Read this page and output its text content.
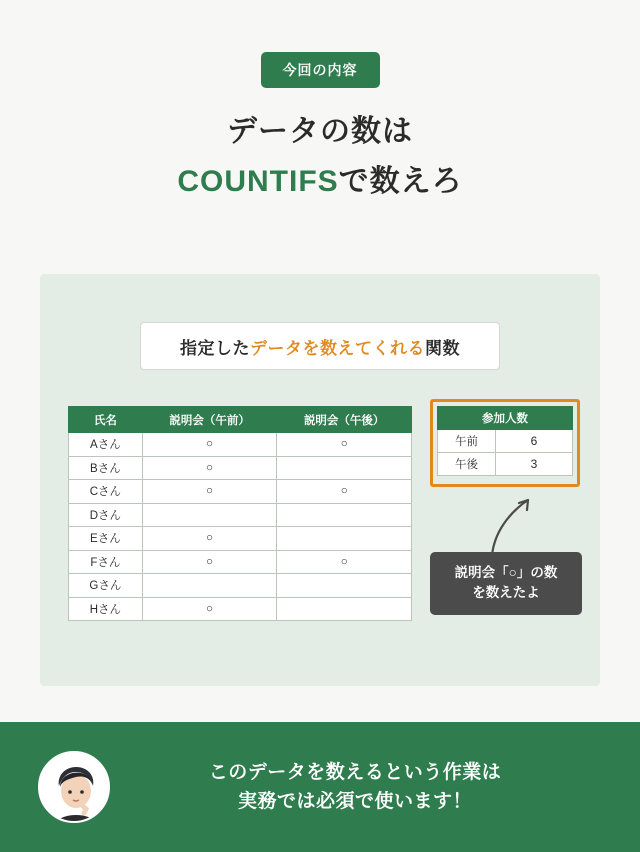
今回の内容
データの数は
COUNTIFSで数えろ
指定した データを数えてくれる 関数
氏名	説明会（午前）	説明会（午後）
Aさん	○	○
Bさん	○	
Cさん	○	○
Dさん		
Eさん	○	
Fさん	○	○
Gさん		
Hさん	○	
参加人数	
午前	6
午後	3
説明会「○」の数
を数えたよ
このデータを数えるという作業は
実務では必須で使います！
